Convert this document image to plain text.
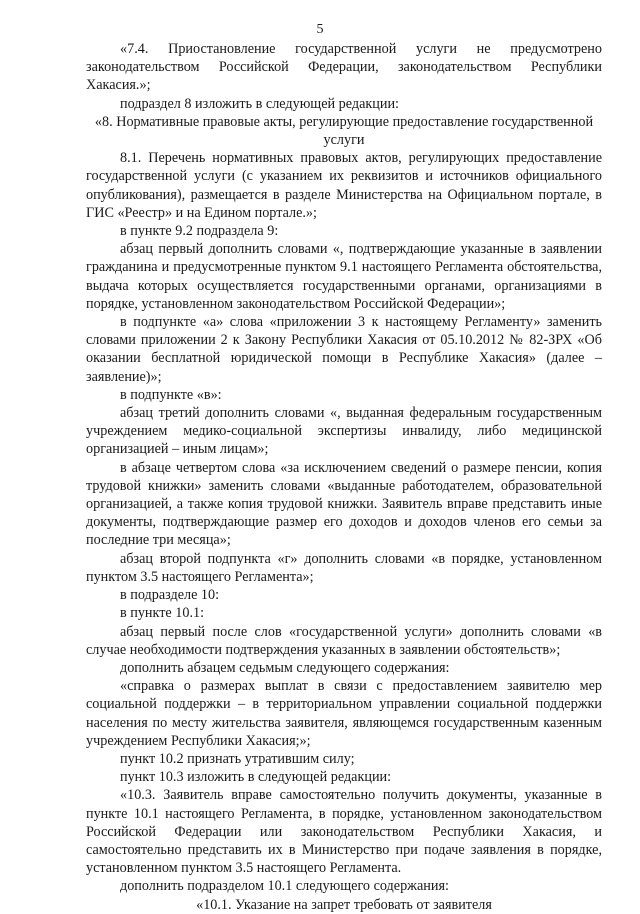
5

«7.4. Приостановление государственной услуги не предусмотрено законодательством Российской Федерации, законодательством Республики Хакасия.»;

подраздел 8 изложить в следующей редакции:

«8. Нормативные правовые акты, регулирующие предоставление государственной услуги

8.1. Перечень нормативных правовых актов, регулирующих предоставление государственной услуги (с указанием их реквизитов и источников официального опубликования), размещается в разделе Министерства на Официальном портале, в ГИС «Реестр» и на Едином портале.»;

в пункте 9.2 подраздела 9:

абзац первый дополнить словами «, подтверждающие указанные в заявлении гражданина и предусмотренные пунктом 9.1 настоящего Регламента обстоятельства, выдача которых осуществляется государственными органами, организациями в порядке, установленном законодательством Российской Федерации»;

в подпункте «а» слова «приложении 3 к настоящему Регламенту» заменить словами приложении 2 к Закону Республики Хакасия от 05.10.2012 № 82-ЗРХ «Об оказании бесплатной юридической помощи в Республике Хакасия» (далее – заявление)»;

в подпункте «в»:

абзац третий дополнить словами «, выданная федеральным государственным учреждением медико-социальной экспертизы инвалиду, либо медицинской организацией – иным лицам»;

в абзаце четвертом слова «за исключением сведений о размере пенсии, копия трудовой книжки» заменить словами «выданные работодателем, образовательной организацией, а также копия трудовой книжки. Заявитель вправе представить иные документы, подтверждающие размер его доходов и доходов членов его семьи за последние три месяца»;

абзац второй подпункта «г» дополнить словами «в порядке, установленном пунктом 3.5 настоящего Регламента»;

в подразделе 10:

в пункте 10.1:

абзац первый после слов «государственной услуги» дополнить словами «в случае необходимости подтверждения указанных в заявлении обстоятельств»;

дополнить абзацем седьмым следующего содержания:

«справка о размерах выплат в связи с предоставлением заявителю мер социальной поддержки – в территориальном управлении социальной поддержки населения по месту жительства заявителя, являющемся государственным казенным учреждением Республики Хакасия;»;

пункт 10.2 признать утратившим силу;

пункт 10.3 изложить в следующей редакции:

«10.3. Заявитель вправе самостоятельно получить документы, указанные в пункте 10.1 настоящего Регламента, в порядке, установленном законодательством Российской Федерации или законодательством Республики Хакасия, и самостоятельно представить их в Министерство при подаче заявления в порядке, установленном пунктом 3.5 настоящего Регламента.

дополнить подразделом 10.1 следующего содержания:

«10.1. Указание на запрет требовать от заявителя
